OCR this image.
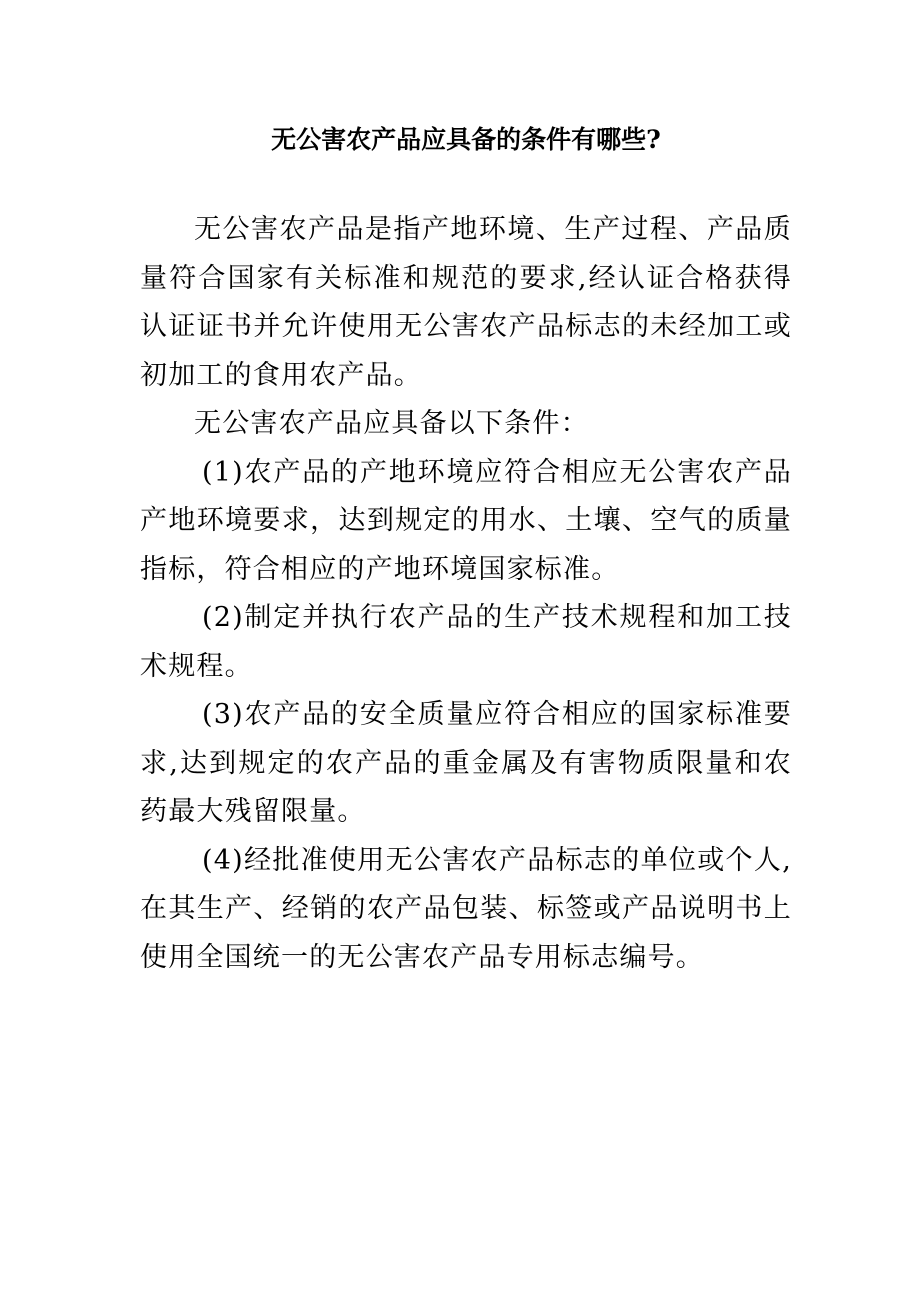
无公害农产品应具备的条件有哪些?

无公害农产品是指产地环境、生产过程、产品质量符合国家有关标准和规范的要求,经认证合格获得认证证书并允许使用无公害农产品标志的未经加工或初加工的食用农产品。

无公害农产品应具备以下条件：

(1)农产品的产地环境应符合相应无公害农产品产地环境要求，达到规定的用水、土壤、空气的质量指标，符合相应的产地环境国家标准。

(2)制定并执行农产品的生产技术规程和加工技术规程。

(3)农产品的安全质量应符合相应的国家标准要求,达到规定的农产品的重金属及有害物质限量和农药最大残留限量。

(4)经批准使用无公害农产品标志的单位或个人,在其生产、经销的农产品包装、标签或产品说明书上使用全国统一的无公害农产品专用标志编号。
